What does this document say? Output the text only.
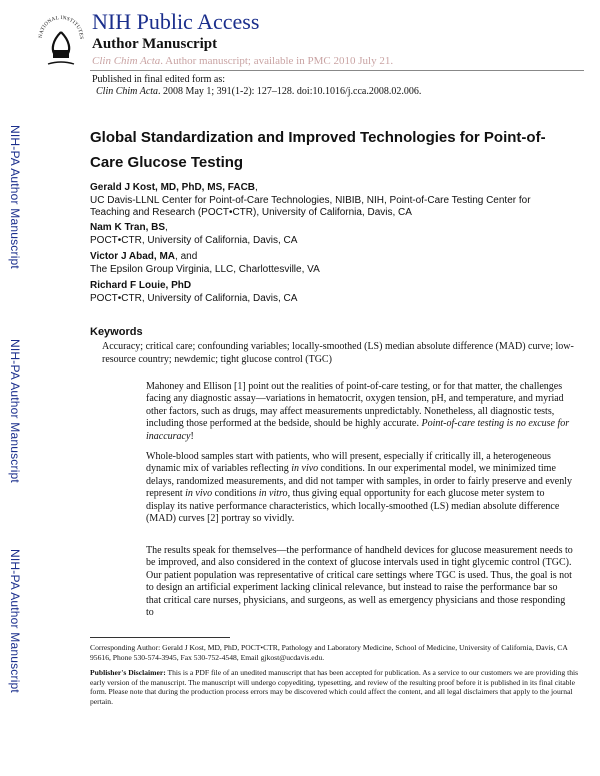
NATIONAL INSTITUTES
NIH Public Access
Author Manuscript
Clin Chim Acta. Author manuscript; available in PMC 2010 July 21.
Published in final edited form as:
Clin Chim Acta. 2008 May 1; 391(1-2): 127–128. doi:10.1016/j.cca.2008.02.006.
NIH-PA Author Manuscript
NIH-PA Author Manuscript
NIH-PA Author Manuscript
Global Standardization and Improved Technologies for Point-of-Care Glucose Testing
Gerald J Kost, MD, PhD, MS, FACB,
UC Davis-LLNL Center for Point-of-Care Technologies, NIBIB, NIH, Point-of-Care Testing Center for Teaching and Research (POCT•CTR), University of California, Davis, CA
Nam K Tran, BS,
POCT•CTR, University of California, Davis, CA
Victor J Abad, MA, and
The Epsilon Group Virginia, LLC, Charlottesville, VA
Richard F Louie, PhD
POCT•CTR, University of California, Davis, CA
Keywords
Accuracy; critical care; confounding variables; locally-smoothed (LS) median absolute difference (MAD) curve; low-resource country; newdemic; tight glucose control (TGC)
Mahoney and Ellison [1] point out the realities of point-of-care testing, or for that matter, the challenges facing any diagnostic assay—variations in hematocrit, oxygen tension, pH, and temperature, and myriad other factors, such as drugs, may affect measurements unpredictably. Nonetheless, all diagnostic tests, including those performed at the bedside, should be highly accurate. Point-of-care testing is no excuse for inaccuracy!
Whole-blood samples start with patients, who will present, especially if critically ill, a heterogeneous dynamic mix of variables reflecting in vivo conditions. In our experimental model, we minimized time delays, randomized measurements, and did not tamper with samples, in order to fairly preserve and evenly represent in vivo conditions in vitro, thus giving equal opportunity for each glucose meter system to display its native performance characteristics, which locally-smoothed (LS) median absolute difference (MAD) curves [2] portray so vividly.
The results speak for themselves—the performance of handheld devices for glucose measurement needs to be improved, and also considered in the context of glucose intervals used in tight glycemic control (TGC). Our patient population was representative of critical care settings where TGC is used. Thus, the goal is not to design an artificial experiment lacking clinical relevance, but instead to raise the performance bar so that critical care nurses, physicians, and surgeons, as well as emergency physicians and those responding to
Corresponding Author: Gerald J Kost, MD, PhD, POCT•CTR, Pathology and Laboratory Medicine, School of Medicine, University of California, Davis, CA 95616, Phone 530-574-3945, Fax 530-752-4548, Email gjkost@ucdavis.edu.
Publisher's Disclaimer: This is a PDF file of an unedited manuscript that has been accepted for publication. As a service to our customers we are providing this early version of the manuscript. The manuscript will undergo copyediting, typesetting, and review of the resulting proof before it is published in its final citable form. Please note that during the production process errors may be discovered which could affect the content, and all legal disclaimers that apply to the journal pertain.
